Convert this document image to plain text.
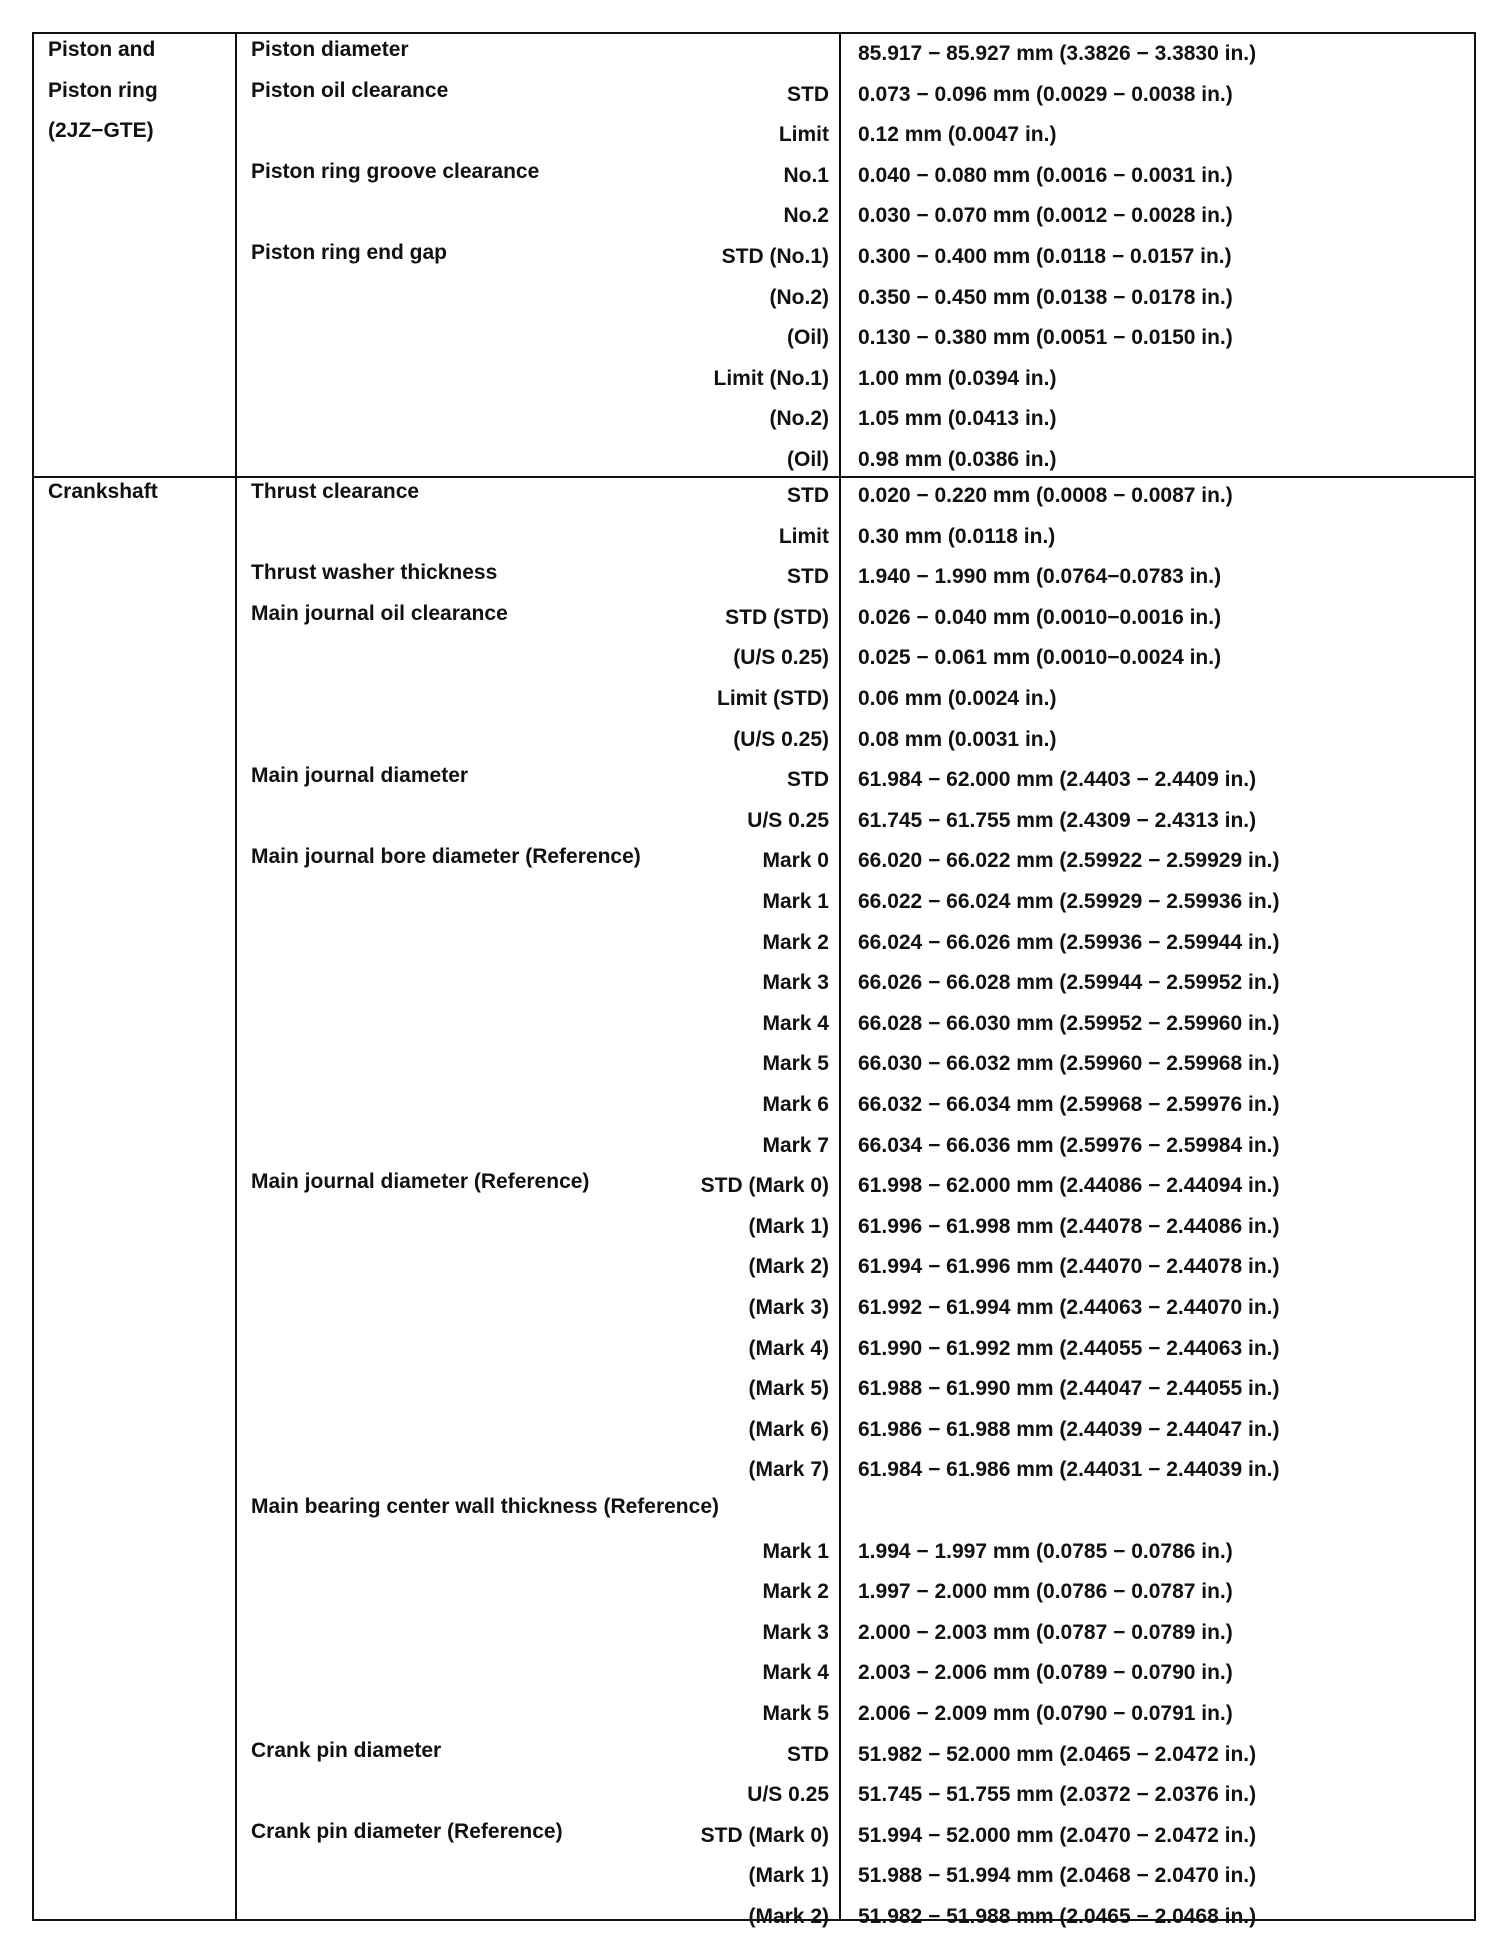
Piston and
Piston ring
(2JZ−GTE)
Piston diameter	85.917 − 85.927 mm (3.3826 − 3.3830 in.)
Piston oil clearance	STD 0.073 − 0.096 mm (0.0029 − 0.0038 in.)
Limit 0.12 mm (0.0047 in.)
Piston ring groove clearance	No.1 0.040 − 0.080 mm (0.0016 − 0.0031 in.)
No.2 0.030 − 0.070 mm (0.0012 − 0.0028 in.)
Piston ring end gap	STD (No.1) 0.300 − 0.400 mm (0.0118 − 0.0157 in.)
(No.2) 0.350 − 0.450 mm (0.0138 − 0.0178 in.)
(Oil) 0.130 − 0.380 mm (0.0051 − 0.0150 in.)
Limit (No.1) 1.00 mm (0.0394 in.)
(No.2) 1.05 mm (0.0413 in.)
(Oil) 0.98 mm (0.0386 in.)
Crankshaft	Thrust clearance	STD 0.020 − 0.220 mm (0.0008 − 0.0087 in.)
Limit 0.30 mm (0.0118 in.)
Thrust washer thickness	STD 1.940 − 1.990 mm (0.0764−0.0783 in.)
Main journal oil clearance	STD (STD) 0.026 − 0.040 mm (0.0010−0.0016 in.)
(U/S 0.25) 0.025 − 0.061 mm (0.0010−0.0024 in.)
Limit (STD) 0.06 mm (0.0024 in.)
(U/S 0.25) 0.08 mm (0.0031 in.)
Main journal diameter	STD 61.984 − 62.000 mm (2.4403 − 2.4409 in.)
U/S 0.25 61.745 − 61.755 mm (2.4309 − 2.4313 in.)
Main journal bore diameter (Reference)	Mark 0 66.020 − 66.022 mm (2.59922 − 2.59929 in.)
Mark 1 66.022 − 66.024 mm (2.59929 − 2.59936 in.)
Mark 2 66.024 − 66.026 mm (2.59936 − 2.59944 in.)
Mark 3 66.026 − 66.028 mm (2.59944 − 2.59952 in.)
Mark 4 66.028 − 66.030 mm (2.59952 − 2.59960 in.)
Mark 5 66.030 − 66.032 mm (2.59960 − 2.59968 in.)
Mark 6 66.032 − 66.034 mm (2.59968 − 2.59976 in.)
Mark 7 66.034 − 66.036 mm (2.59976 − 2.59984 in.)
Main journal diameter (Reference)	STD (Mark 0) 61.998 − 62.000 mm (2.44086 − 2.44094 in.)
(Mark 1) 61.996 − 61.998 mm (2.44078 − 2.44086 in.)
(Mark 2) 61.994 − 61.996 mm (2.44070 − 2.44078 in.)
(Mark 3) 61.992 − 61.994 mm (2.44063 − 2.44070 in.)
(Mark 4) 61.990 − 61.992 mm (2.44055 − 2.44063 in.)
(Mark 5) 61.988 − 61.990 mm (2.44047 − 2.44055 in.)
(Mark 6) 61.986 − 61.988 mm (2.44039 − 2.44047 in.)
(Mark 7) 61.984 − 61.986 mm (2.44031 − 2.44039 in.)
Main bearing center wall thickness (Reference)
Mark 1 1.994 − 1.997 mm (0.0785 − 0.0786 in.)
Mark 2 1.997 − 2.000 mm (0.0786 − 0.0787 in.)
Mark 3 2.000 − 2.003 mm (0.0787 − 0.0789 in.)
Mark 4 2.003 − 2.006 mm (0.0789 − 0.0790 in.)
Mark 5 2.006 − 2.009 mm (0.0790 − 0.0791 in.)
Crank pin diameter	STD 51.982 − 52.000 mm (2.0465 − 2.0472 in.)
U/S 0.25 51.745 − 51.755 mm (2.0372 − 2.0376 in.)
Crank pin diameter (Reference)	STD (Mark 0) 51.994 − 52.000 mm (2.0470 − 2.0472 in.)
(Mark 1) 51.988 − 51.994 mm (2.0468 − 2.0470 in.)
(Mark 2) 51.982 − 51.988 mm (2.0465 − 2.0468 in.)
